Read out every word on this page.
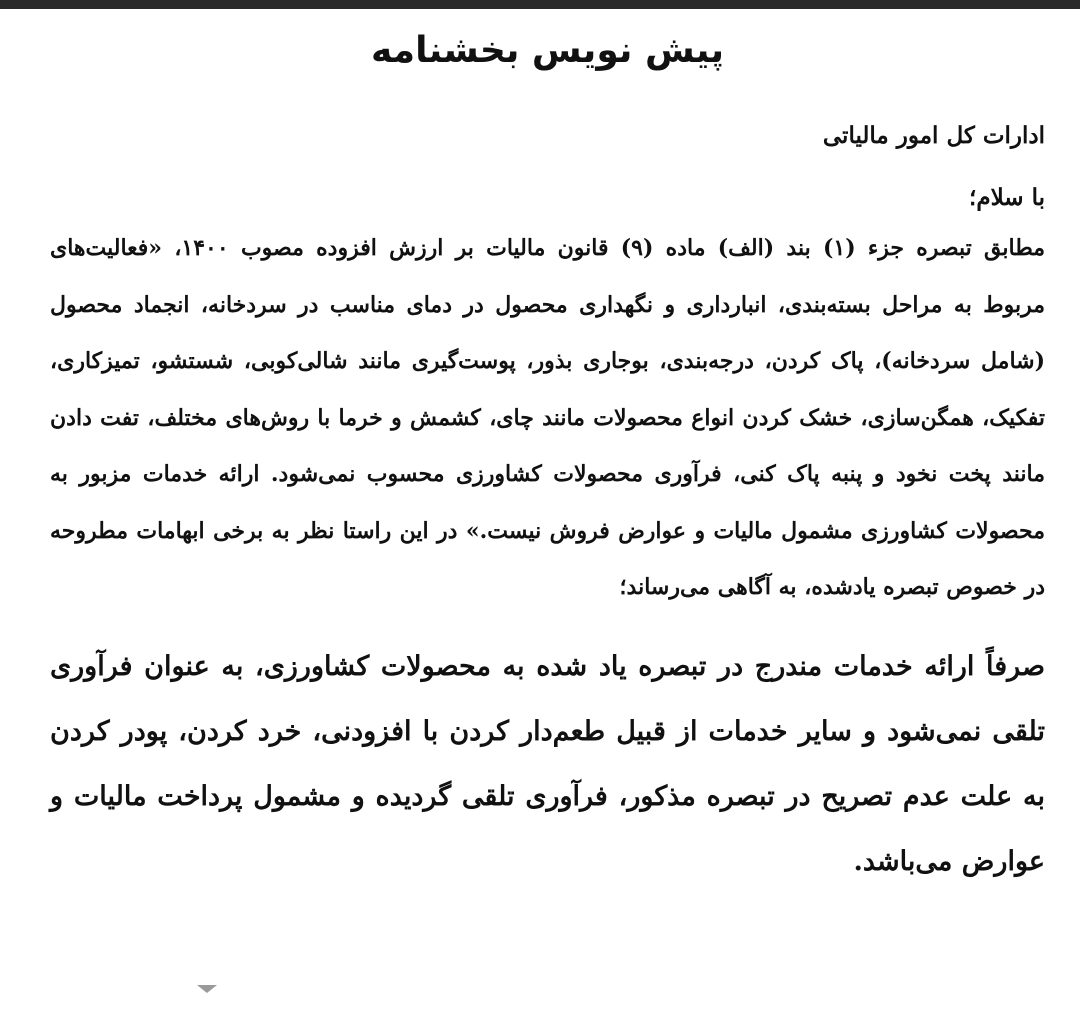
پیش نویس بخشنامه
ادارات کل امور مالیاتی
با سلام؛

مطابق تبصره جزء (۱) بند (الف) ماده (۹) قانون مالیات بر ارزش افزوده مصوب ۱۴۰۰، «فعالیت‌های مربوط به مراحل بسته‌بندی، انبارداری و نگهداری محصول در دمای مناسب در سردخانه، انجماد محصول (شامل سردخانه)، پاک کردن، درجه‌بندی، بوجاری بذور، پوست‌گیری مانند شالی‌کوبی، شستشو، تمیزکاری، تفکیک، همگن‌سازی، خشک کردن انواع محصولات مانند چای، کشمش و خرما با روش‌های مختلف، تفت دادن مانند پخت نخود و پنبه پاک کنی، فرآوری محصولات کشاورزی محسوب نمی‌شود. ارائه خدمات مزبور به محصولات کشاورزی مشمول مالیات و عوارض فروش نیست.» در این راستا نظر به برخی ابهامات مطروحه در خصوص تبصره یادشده، به آگاهی می‌رساند؛

صرفاً ارائه خدمات مندرج در تبصره یاد شده به محصولات کشاورزی، به عنوان فرآوری تلقی نمی‌شود و سایر خدمات از قبیل طعم‌دار کردن با افزودنی، خرد کردن، پودر کردن به علت عدم تصریح در تبصره مذکور، فرآوری تلقی گردیده و مشمول پرداخت مالیات و عوارض می‌باشد.
